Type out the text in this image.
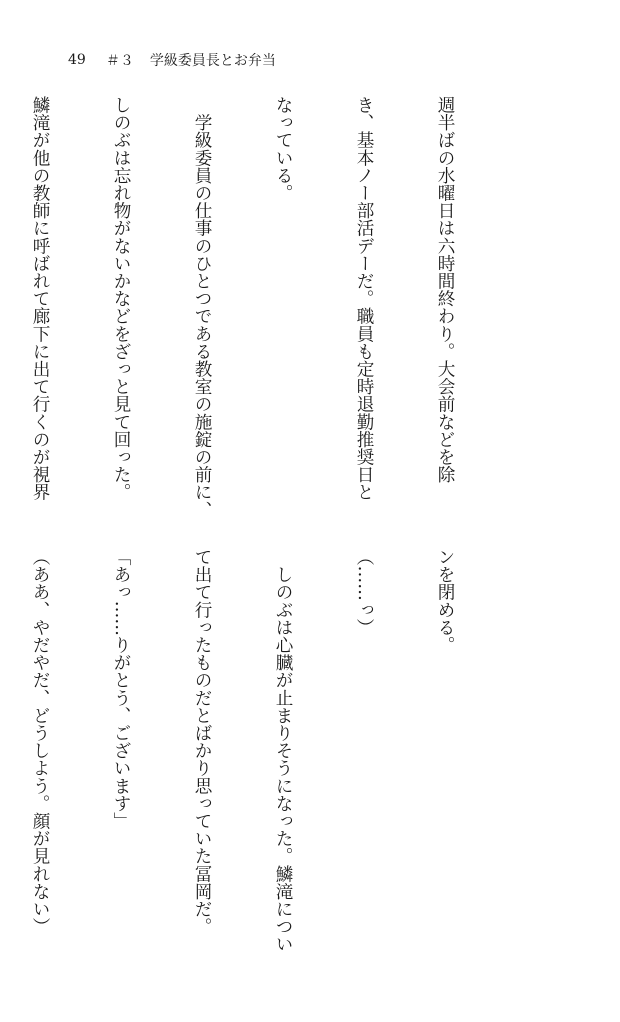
49 ＃３ 学級委員長とお弁当

週半ばの水曜日は六時間終わり。大会前などを除

き、基本ノー部活デーだ。職員も定時退勤推奨日と

なっている。

　学級委員の仕事のひとつである教室の施錠の前に、

しのぶは忘れ物がないかなどをざっと見て回った。

鱗滝が他の教師に呼ばれて廊下に出て行くのが視界

ンを閉める。

（……っ）

　しのぶは心臓が止まりそうになった。鱗滝につい

て出て行ったものだとばかり思っていた冨岡だ。

「あっ……りがとう、ございます」

（ああ、やだやだ、どうしよう。顔が見れない）
